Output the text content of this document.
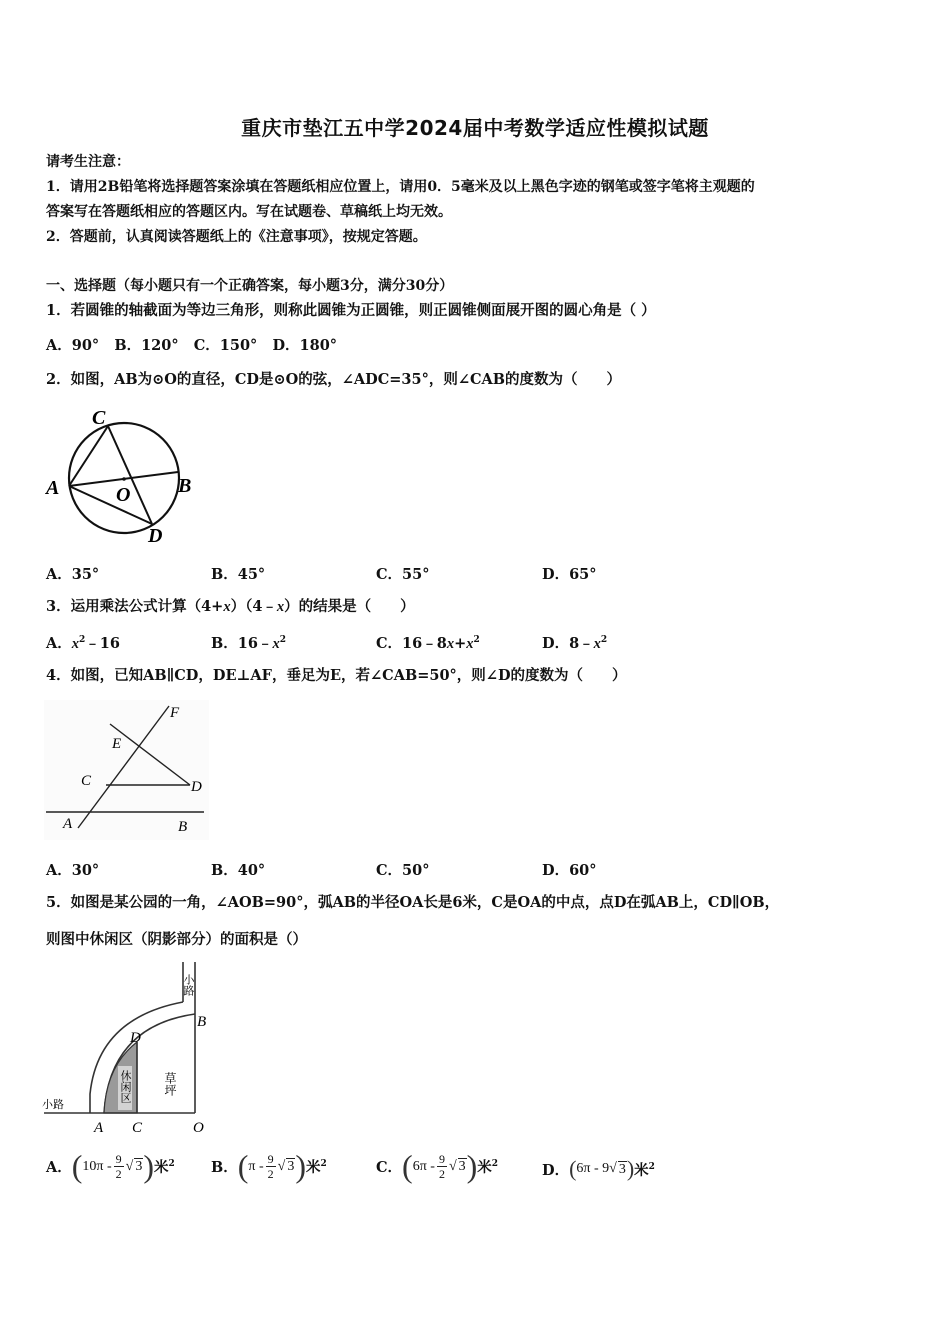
重庆市垫江五中学2024届中考数学适应性模拟试题
请考生注意：
1．请用2B铅笔将选择题答案涂填在答题纸相应位置上，请用0．5毫米及以上黑色字迹的钢笔或签字笔将主观题的
答案写在答题纸相应的答题区内。写在试题卷、草稿纸上均无效。
2．答题前，认真阅读答题纸上的《注意事项》，按规定答题。
一、选择题（每小题只有一个正确答案，每小题3分，满分30分）
1．若圆锥的轴截面为等边三角形，则称此圆锥为正圆锥，则正圆锥侧面展开图的圆心角是（ ）
A．90°   B．120°   C．150°   D．180°
2．如图，AB为⊙O的直径，CD是⊙O的弦，∠ADC=35°，则∠CAB的度数为（　　）
C
A	B
O
D
A．35°	B．45°	C．55°	D．65°
3．运用乘法公式计算（4+x）（4﹣x）的结果是（　　）
A．$x^2﹣16$	B．$16﹣x^2$	C．$16﹣8x+x^2$	D．$8﹣x^2$
4．如图，已知AB∥CD，DE⊥AF，垂足为E，若∠CAB=50°，则∠D的度数为（　　）
F
E
C	D
A	B
A．30°	B．40°	C．50°	D．60°
5．如图是某公园的一角，∠AOB=90°，弧AB的半径OA长是6米，C是OA的中点，点D在弧AB上，CD∥OB，
则图中休闲区（阴影部分）的面积是（）
小路
小路
休闲区	草坪
B
D
A C	O
A． ( $10\pi - \frac{9}{2}$ √ 3 ) 米$^2$ B． ( π - $\frac{9}{2}$ √ 3 ) 米$^2$	C． ( $6\pi - \frac{9}{2}$ √ 3 ) 米$^2$	D． ( 6π - 9 √ 3 ) 米$^2$
